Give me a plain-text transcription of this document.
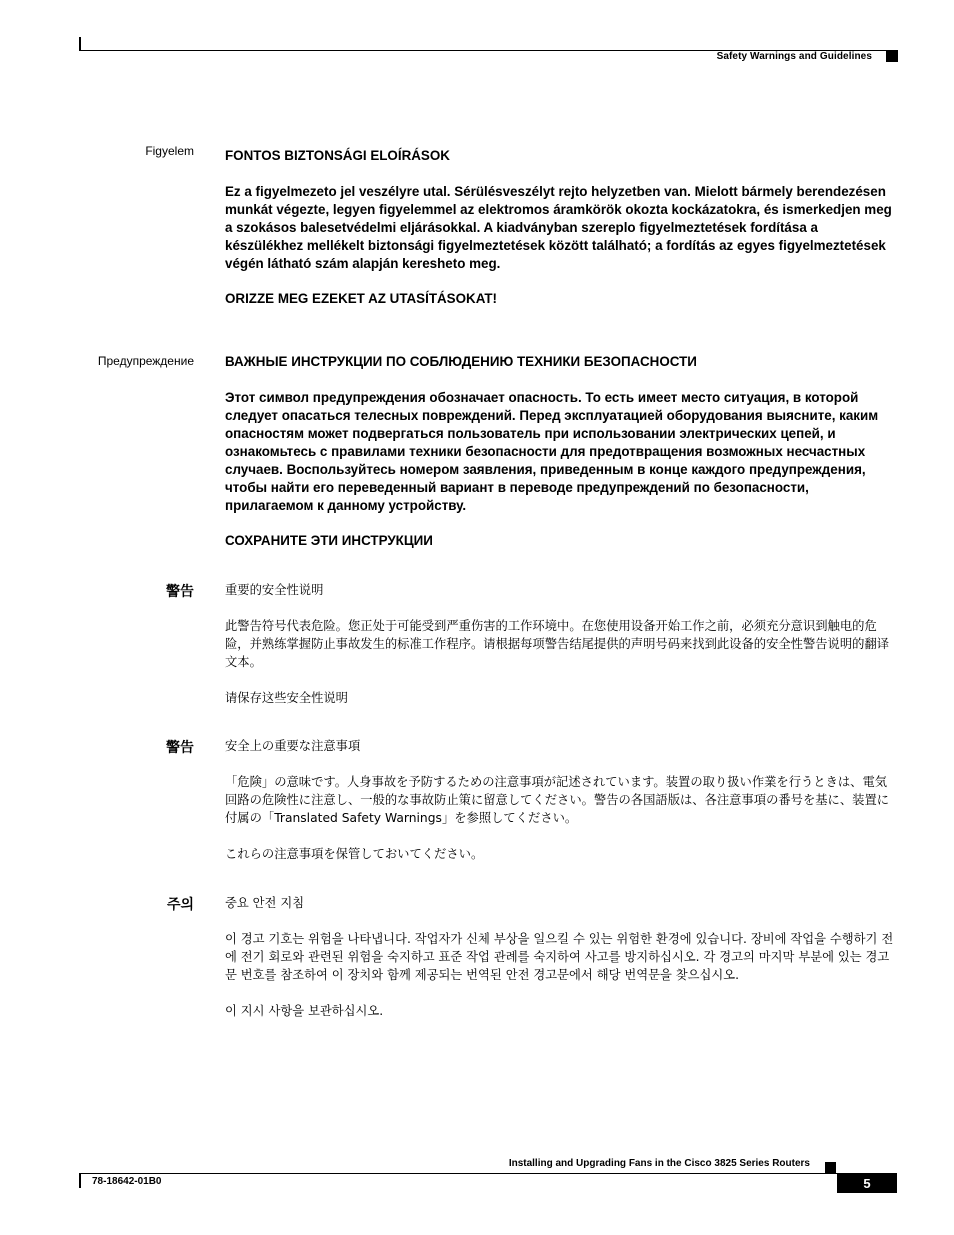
Safety Warnings and Guidelines
Figyelem FONTOS BIZTONSÁGI ELOÍRÁSOK

Ez a figyelmezeto jel veszélyre utal. Sérülésveszélyt rejto helyzetben van. Mielott bármely berendezésen munkát végezte, legyen figyelemmel az elektromos áramkörök okozta kockázatokra, és ismerkedjen meg a szokásos balesetvédelmi eljárásokkal. A kiadványban szereplo figyelmeztetések fordítása a készülékhez mellékelt biztonsági figyelmeztetések között található; a fordítás az egyes figyelmeztetések végén látható szám alapján keresheto meg.

ORIZZE MEG EZEKET AZ UTASÍTÁSOKAT!

Предупреждение ВАЖНЫЕ ИНСТРУКЦИИ ПО СОБЛЮДЕНИЮ ТЕХНИКИ БЕЗОПАСНОСТИ

Этот символ предупреждения обозначает опасность. То есть имеет место ситуация, в которой следует опасаться телесных повреждений. Перед эксплуатацией оборудования выясните, каким опасностям может подвергаться пользователь при использовании электрических цепей, и ознакомьтесь с правилами техники безопасности для предотвращения возможных несчастных случаев. Воспользуйтесь номером заявления, приведенным в конце каждого предупреждения, чтобы найти его переведенный вариант в переводе предупреждений по безопасности, прилагаемом к данному устройству.

СОХРАНИТЕ ЭТИ ИНСТРУКЦИИ

警告	重要的安全性说明

此警告符号代表危险。您正处于可能受到严重伤害的工作环境中。在您使用设备开始工作之前，必须充分意识到触电的危险，并熟练掌握防止事故发生的标准工作程序。请根据每项警告结尾提供的声明号码来找到此设备的安全性警告说明的翻译文本。

请保存这些安全性说明

警告	安全上の重要な注意事項

「危険」の意味です。人身事故を予防するための注意事項が記述されています。装置の取り扱い作業を行うときは、電気回路の危険性に注意し、一般的な事故防止策に留意してください。警告の各国語版は、各注意事項の番号を基に、装置に付属の「Translated Safety Warnings」を参照してください。

これらの注意事項を保管しておいてください。

주의	중요 안전 지침

이 경고 기호는 위험을 나타냅니다. 작업자가 신체 부상을 일으킬 수 있는 위험한 환경에 있습니다. 장비에 작업을 수행하기 전에 전기 회로와 관련된 위험을 숙지하고 표준 작업 관례를 숙지하여 사고를 방지하십시오. 각 경고의 마지막 부분에 있는 경고문 번호를 참조하여 이 장치와 함께 제공되는 번역된 안전 경고문에서 해당 번역문을 찾으십시오.

이 지시 사항을 보관하십시오.

Installing and Upgrading Fans in the Cisco 3825 Series Routers
78-18642-01B0	5
